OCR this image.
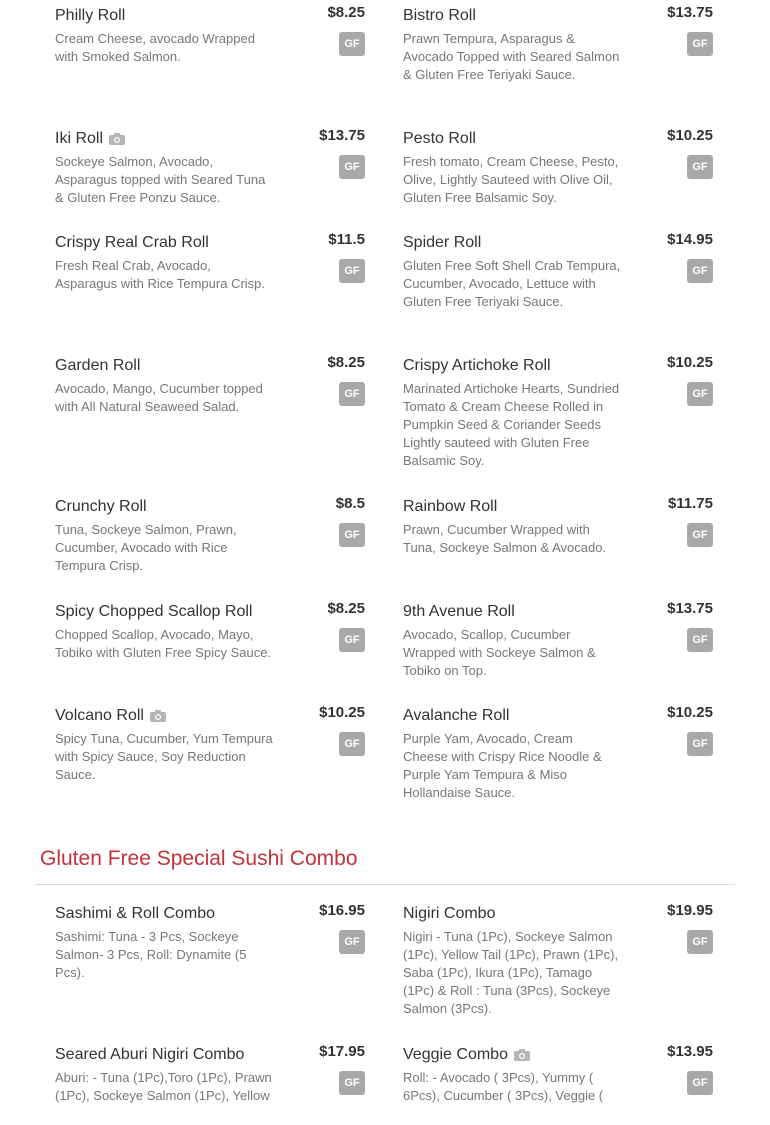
Philly Roll
Cream Cheese, avocado Wrapped with Smoked Salmon.
$8.25
GF
Bistro Roll
Prawn Tempura, Asparagus & Avocado Topped with Seared Salmon & Gluten Free Teriyaki Sauce.
$13.75
GF
Iki Roll
Sockeye Salmon, Avocado, Asparagus topped with Seared Tuna & Gluten Free Ponzu Sauce.
$13.75
GF
Pesto Roll
Fresh tomato, Cream Cheese, Pesto, Olive, Lightly Sauteed with Olive Oil, Gluten Free Balsamic Soy.
$10.25
GF
Crispy Real Crab Roll
Fresh Real Crab, Avocado, Asparagus with Rice Tempura Crisp.
$11.5
GF
Spider Roll
Gluten Free Soft Shell Crab Tempura, Cucumber, Avocado, Lettuce with Gluten Free Teriyaki Sauce.
$14.95
GF
Garden Roll
Avocado, Mango, Cucumber topped with All Natural Seaweed Salad.
$8.25
GF
Crispy Artichoke Roll
Marinated Artichoke Hearts, Sundried Tomato & Cream Cheese Rolled in Pumpkin Seed & Coriander Seeds Lightly sauteed with Gluten Free Balsamic Soy.
$10.25
GF
Crunchy Roll
Tuna, Sockeye Salmon, Prawn, Cucumber, Avocado with Rice Tempura Crisp.
$8.5
GF
Rainbow Roll
Prawn, Cucumber Wrapped with Tuna, Sockeye Salmon & Avocado.
$11.75
GF
Spicy Chopped Scallop Roll
Chopped Scallop, Avocado, Mayo, Tobiko with Gluten Free Spicy Sauce.
$8.25
GF
9th Avenue Roll
Avocado, Scallop, Cucumber Wrapped with Sockeye Salmon & Tobiko on Top.
$13.75
GF
Volcano Roll
Spicy Tuna, Cucumber, Yum Tempura with Spicy Sauce, Soy Reduction Sauce.
$10.25
GF
Avalanche Roll
Purple Yam, Avocado, Cream Cheese with Crispy Rice Noodle & Purple Yam Tempura & Miso Hollandaise Sauce.
$10.25
GF
Gluten Free Special Sushi Combo
Sashimi & Roll Combo
Sashimi: Tuna - 3 Pcs, Sockeye Salmon- 3 Pcs, Roll: Dynamite (5 Pcs).
$16.95
GF
Nigiri Combo
Nigiri - Tuna (1Pc), Sockeye Salmon (1Pc), Yellow Tail (1Pc), Prawn (1Pc), Saba (1Pc), Ikura (1Pc), Tamago (1Pc) & Roll : Tuna (3Pcs), Sockeye Salmon (3Pcs).
$19.95
GF
Seared Aburi Nigiri Combo
Aburi: - Tuna (1Pc),Toro (1Pc), Prawn (1Pc), Sockeye Salmon (1Pc), Yellow
$17.95
GF
Veggie Combo
Roll: - Avocado ( 3Pcs), Yummy ( 6Pcs), Cucumber ( 3Pcs), Veggie (
$13.95
GF
